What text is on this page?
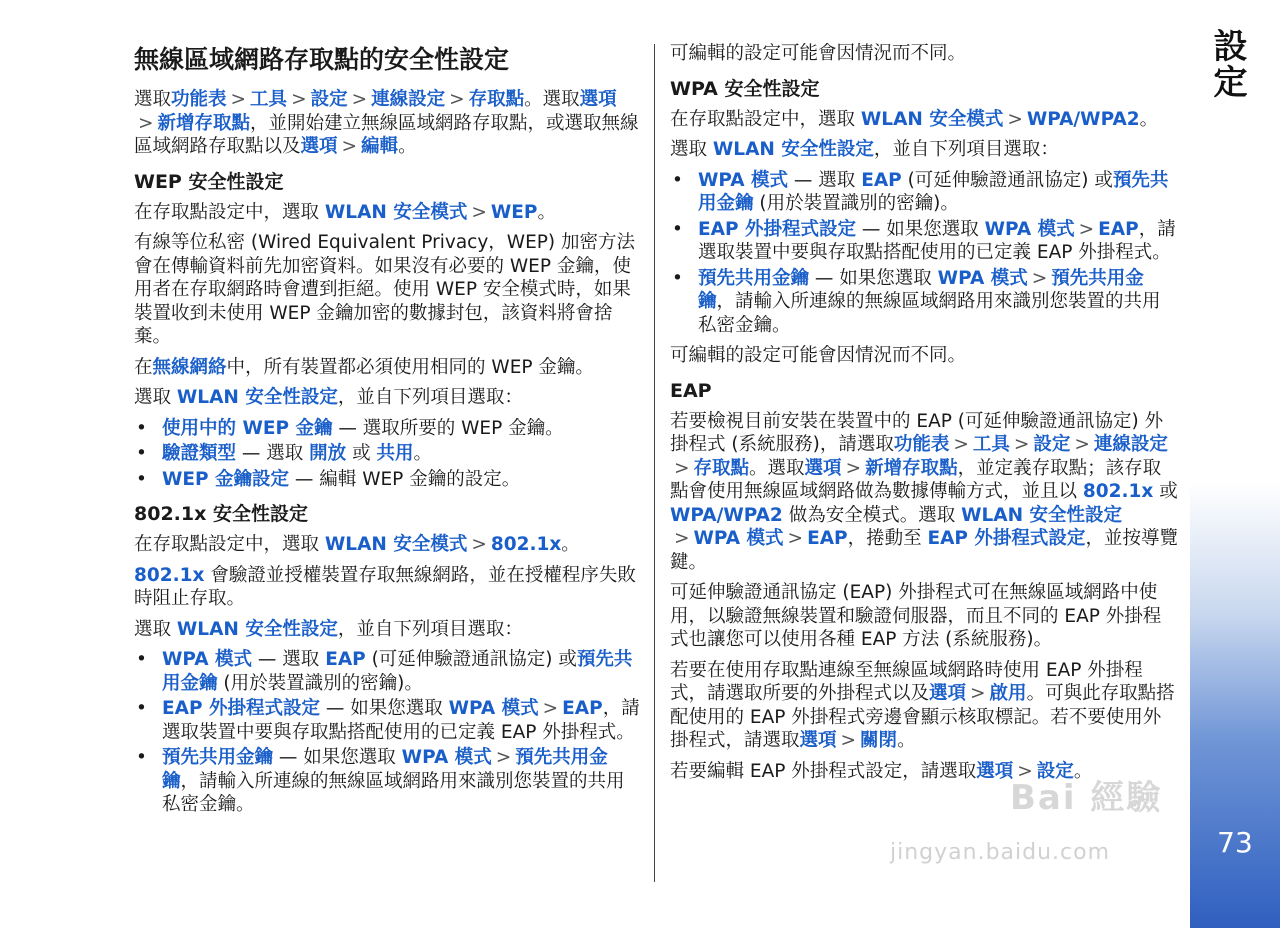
設定
73
無線區域網路存取點的安全性設定

選取功能表 > 工具 > 設定 > 連線設定 > 存取點。選取選項> 新增存取點，並開始建立無線區域網路存取點，或選取無線區域網路存取點以及選項 > 編輯。

WEP 安全性設定

在存取點設定中，選取 WLAN 安全模式 > WEP。

有線等位私密 (Wired Equivalent Privacy，WEP) 加密方法會在傳輸資料前先加密資料。如果沒有必要的 WEP 金鑰，使用者在存取網路時會遭到拒絕。使用 WEP 安全模式時，如果裝置收到未使用 WEP 金鑰加密的數據封包，該資料將會捨棄。

在無線網絡中，所有裝置都必須使用相同的 WEP 金鑰。

選取 WLAN 安全性設定，並自下列項目選取：

• 使用中的 WEP 金鑰 — 選取所要的 WEP 金鑰。
• 驗證類型 — 選取 開放 或 共用。
• WEP 金鑰設定 — 編輯 WEP 金鑰的設定。
802.1x 安全性設定

在存取點設定中，選取 WLAN 安全模式 > 802.1x。

802.1x 會驗證並授權裝置存取無線網路，並在授權程序失敗時阻止存取。

選取 WLAN 安全性設定，並自下列項目選取：

• WPA 模式 — 選取 EAP (可延伸驗證通訊協定) 或預先共用金鑰 (用於裝置識別的密鑰)。
• EAP 外掛程式設定 — 如果您選取 WPA 模式 > EAP，請選取裝置中要與存取點搭配使用的已定義 EAP 外掛程式。
• 預先共用金鑰 — 如果您選取 WPA 模式 > 預先共用金鑰，請輸入所連線的無線區域網路用來識別您裝置的共用私密金鑰。

可編輯的設定可能會因情況而不同。

WPA 安全性設定

在存取點設定中，選取 WLAN 安全模式 > WPA/WPA2。

選取 WLAN 安全性設定，並自下列項目選取：

• WPA 模式 — 選取 EAP (可延伸驗證通訊協定) 或預先共用金鑰 (用於裝置識別的密鑰)。
• EAP 外掛程式設定 — 如果您選取 WPA 模式 > EAP，請選取裝置中要與存取點搭配使用的已定義 EAP 外掛程式。
• 預先共用金鑰 — 如果您選取 WPA 模式 > 預先共用金鑰，請輸入所連線的無線區域網路用來識別您裝置的共用私密金鑰。

可編輯的設定可能會因情況而不同。

EAP

若要檢視目前安裝在裝置中的 EAP (可延伸驗證通訊協定) 外掛程式 (系統服務)，請選取功能表 > 工具 > 設定 > 連線設定> 存取點。選取選項 > 新增存取點，並定義存取點；該存取點會使用無線區域網路做為數據傳輸方式，並且以 802.1x 或 WPA/WPA2 做為安全模式。選取 WLAN 安全性設定> WPA 模式 > EAP，捲動至 EAP 外掛程式設定，並按導覽鍵。

可延伸驗證通訊協定 (EAP) 外掛程式可在無線區域網路中使用，以驗證無線裝置和驗證伺服器，而且不同的 EAP 外掛程式也讓您可以使用各種 EAP 方法 (系統服務)。

若要在使用存取點連線至無線區域網路時使用 EAP 外掛程式，請選取所要的外掛程式以及選項 > 啟用。可與此存取點搭配使用的 EAP 外掛程式旁邊會顯示核取標記。若不要使用外掛程式，請選取選項 > 關閉。

若要編輯 EAP 外掛程式設定，請選取選項 > 設定。

Bai 經驗
jingyan.baidu.com
